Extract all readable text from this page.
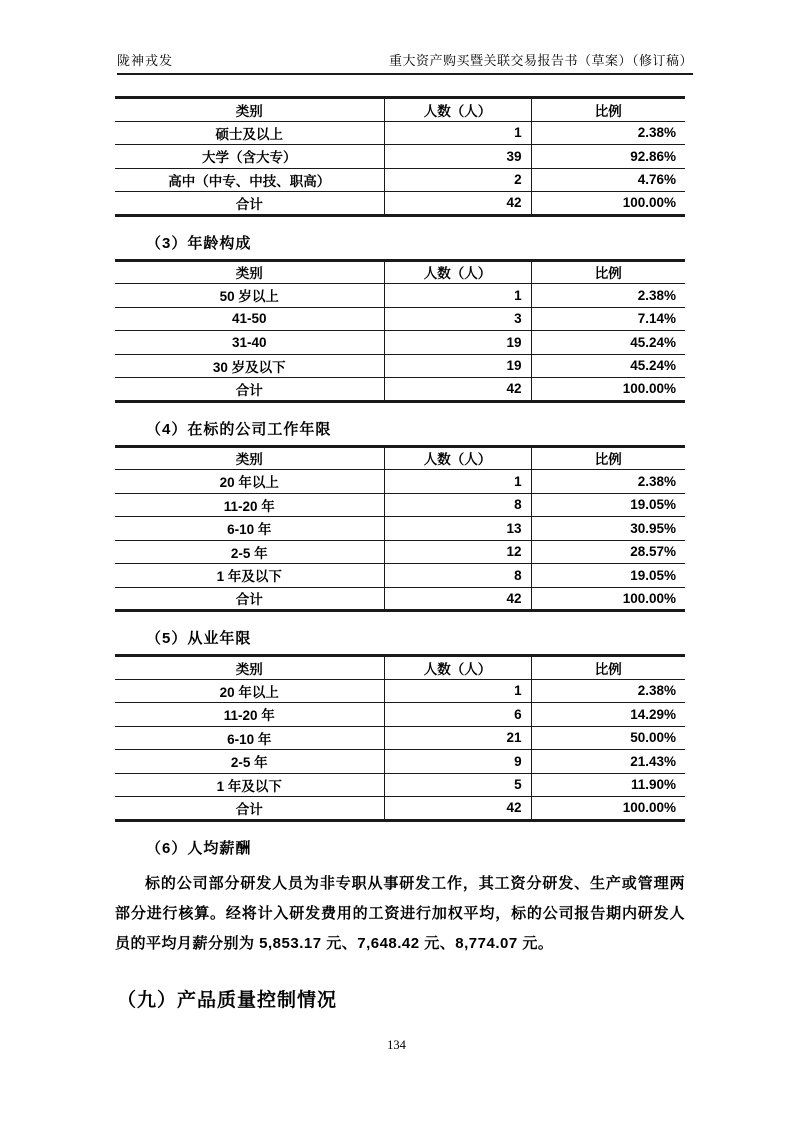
陇神戎发	重大资产购买暨关联交易报告书（草案）（修订稿）
类别	人数（人）	比例
硕士及以上	1	2.38%
大学（含大专）	39	92.86%
高中（中专、中技、职高）	2	4.76%
合计	42	100.00%
（3）年龄构成
类别	人数（人）	比例
50 岁以上	1	2.38%
41-50	3	7.14%
31-40	19	45.24%
30 岁及以下	19	45.24%
合计	42	100.00%
（4）在标的公司工作年限
类别	人数（人）	比例
20 年以上	1	2.38%
11-20 年	8	19.05%
6-10 年	13	30.95%
2-5 年	12	28.57%
1 年及以下	8	19.05%
合计	42	100.00%
（5）从业年限
类别	人数（人）	比例
20 年以上	1	2.38%
11-20 年	6	14.29%
6-10 年	21	50.00%
2-5 年	9	21.43%
1 年及以下	5	11.90%
合计	42	100.00%
（6）人均薪酬

标的公司部分研发人员为非专职从事研发工作，其工资分研发、生产或管理两部分进行核算。经将计入研发费用的工资进行加权平均，标的公司报告期内研发人员的平均月薪分别为 5,853.17 元、7,648.42 元、8,774.07 元。

（九）产品质量控制情况
134
